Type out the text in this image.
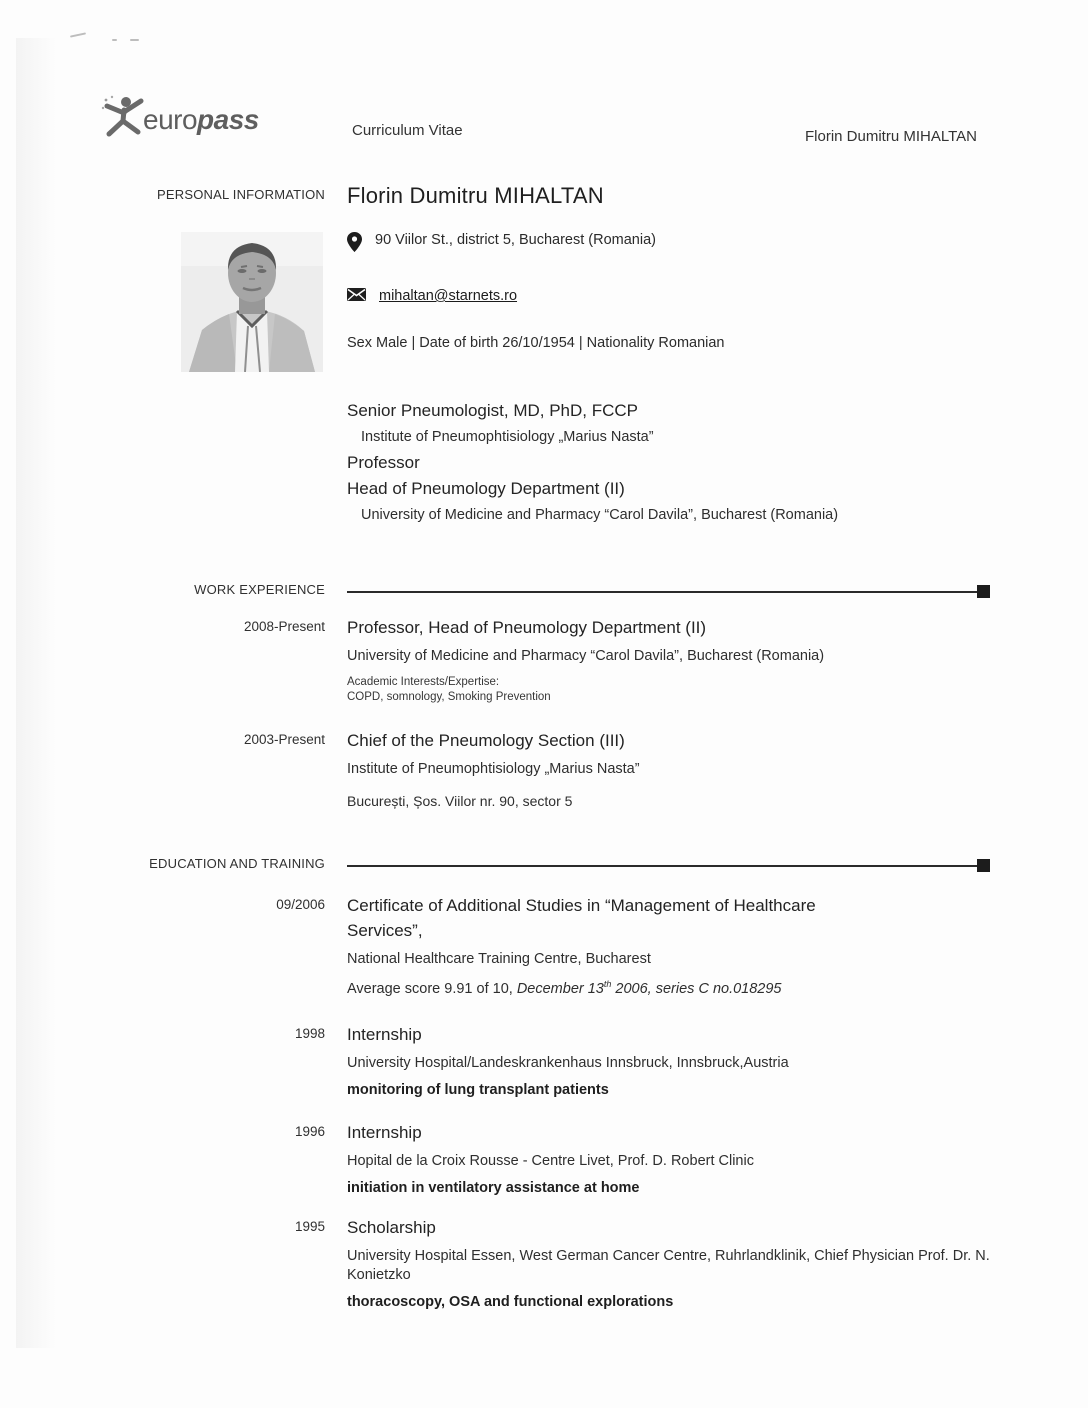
europass	Curriculum Vitae	Florin Dumitru MIHALTAN
PERSONAL INFORMATION Florin Dumitru MIHALTAN
90 Viilor St., district 5, Bucharest (Romania)
mihaltan@starnets.ro
Sex Male | Date of birth 26/10/1954 | Nationality Romanian
Senior Pneumologist, MD, PhD, FCCP
Institute of Pneumophtisiology „Marius Nasta”
Professor
Head of Pneumology Department (II)
University of Medicine and Pharmacy “Carol Davila”, Bucharest (Romania)
WORK EXPERIENCE
2008-Present Professor, Head of Pneumology Department (II)
University of Medicine and Pharmacy “Carol Davila”, Bucharest (Romania)
Academic Interests/Expertise:
COPD, somnology, Smoking Prevention
2003-Present Chief of the Pneumology Section (III)
Institute of Pneumophtisiology „Marius Nasta”
București, Șos. Viilor nr. 90, sector 5
EDUCATION AND TRAINING
09/2006 Certificate of Additional Studies in “Management of Healthcare Services”,
National Healthcare Training Centre, Bucharest
Average score 9.91 of 10, December 13th 2006, series C no.018295
1998 Internship
University Hospital/Landeskrankenhaus Innsbruck, Innsbruck,Austria
monitoring of lung transplant patients
1996 Internship
Hopital de la Croix Rousse - Centre Livet, Prof. D. Robert Clinic
initiation in ventilatory assistance at home
1995 Scholarship
University Hospital Essen, West German Cancer Centre, Ruhrlandklinik, Chief Physician Prof. Dr. N. Konietzko
thoracoscopy, OSA and functional explorations
